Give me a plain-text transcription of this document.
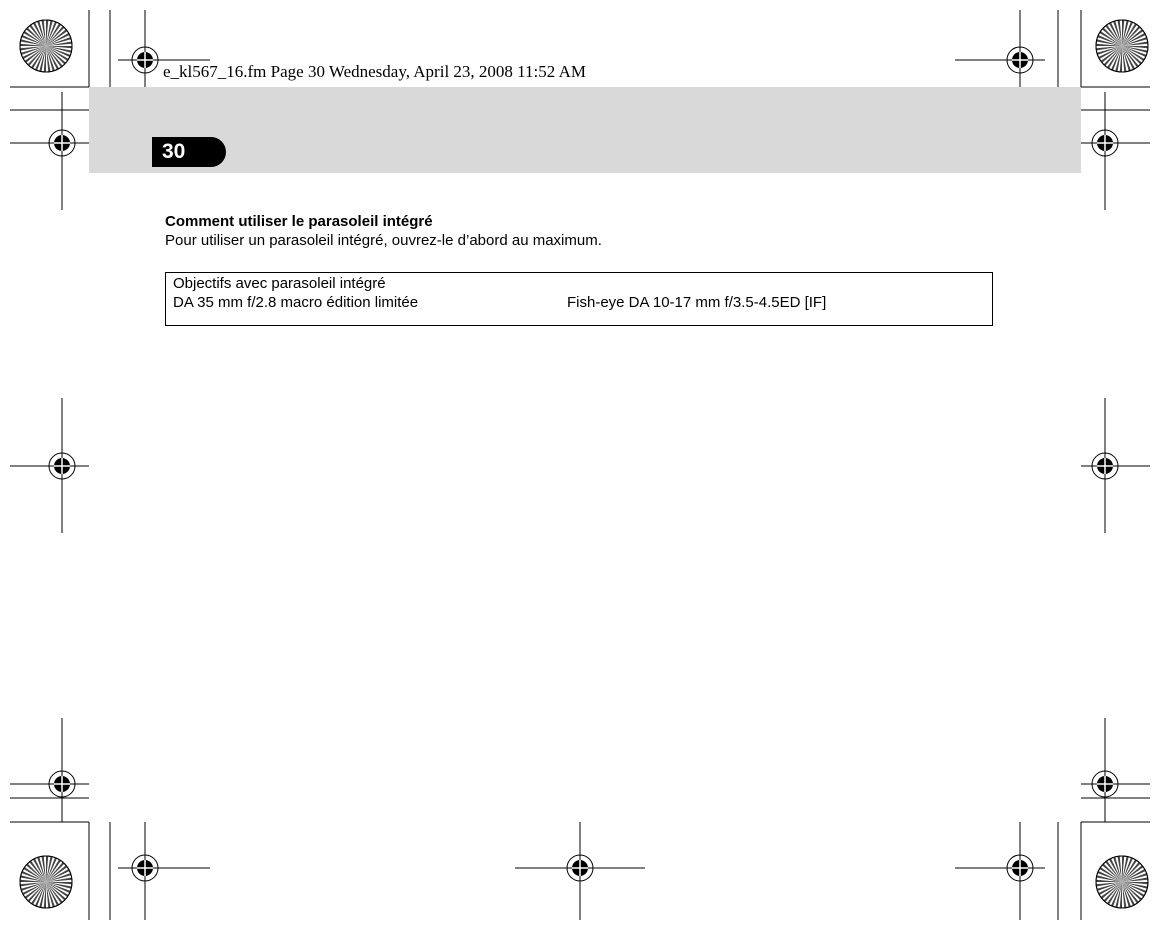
e_kl567_16.fm Page 30 Wednesday, April 23, 2008 11:52 AM
30
Comment utiliser le parasoleil intégré
Pour utiliser un parasoleil intégré, ouvrez-le d’abord au maximum.
Objectifs avec parasoleil intégré
DA 35 mm f/2.8 macro édition limitée	Fish-eye DA 10-17 mm f/3.5-4.5ED [IF]
